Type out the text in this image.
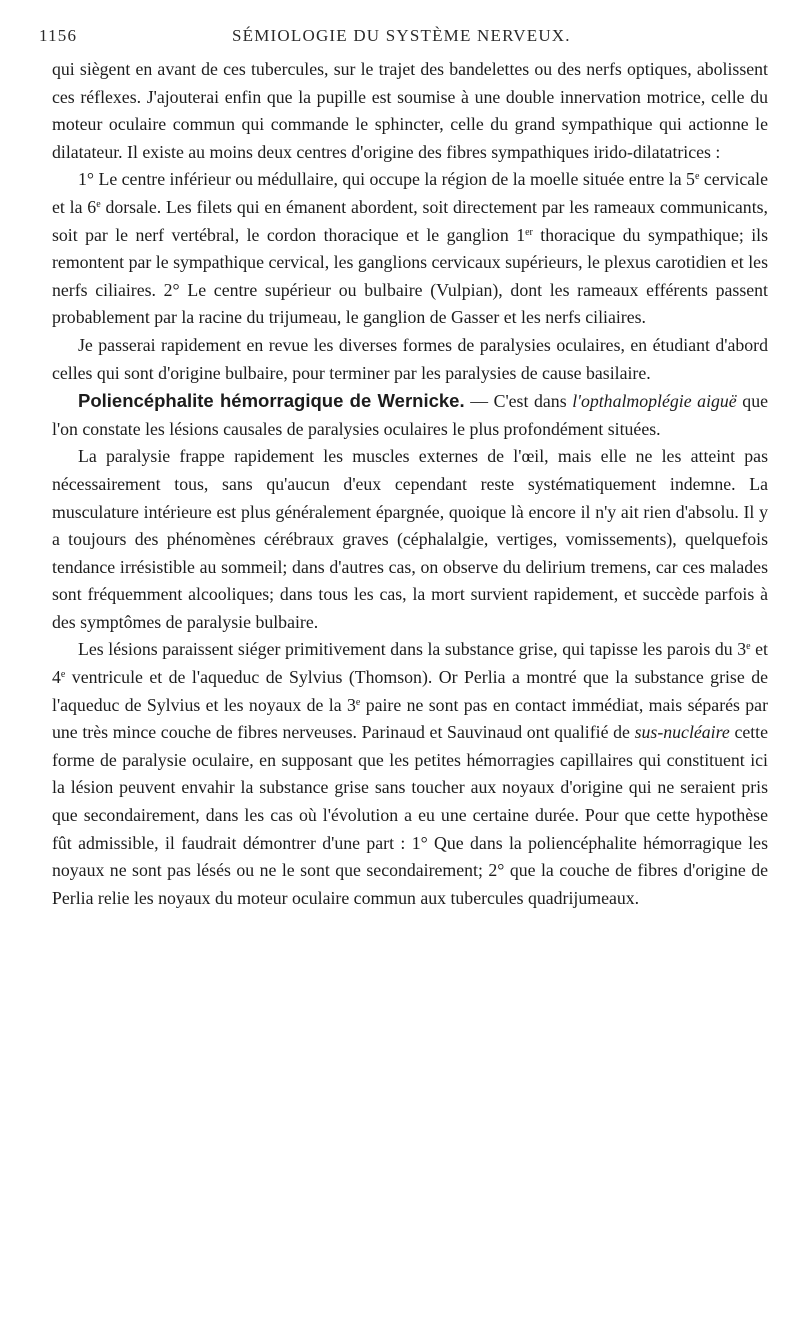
1156	SÉMIOLOGIE DU SYSTÈME NERVEUX.

qui siègent en avant de ces tubercules, sur le trajet des bandelettes ou des nerfs optiques, abolissent ces réflexes. J'ajouterai enfin que la pupille est soumise à une double innervation motrice, celle du moteur oculaire commun qui commande le sphincter, celle du grand sympathique qui actionne le dilatateur. Il existe au moins deux centres d'origine des fibres sympathiques irido-dilatatrices :

1° Le centre inférieur ou médullaire, qui occupe la région de la moelle située entre la 5e cervicale et la 6e dorsale. Les filets qui en émanent abordent, soit directement par les rameaux communicants, soit par le nerf vertébral, le cordon thoracique et le ganglion 1er thoracique du sympathique; ils remontent par le sympathique cervical, les ganglions cervicaux supérieurs, le plexus carotidien et les nerfs ciliaires. 2° Le centre supérieur ou bulbaire (Vulpian), dont les rameaux efférents passent probablement par la racine du trijumeau, le ganglion de Gasser et les nerfs ciliaires.

Je passerai rapidement en revue les diverses formes de paralysies oculaires, en étudiant d'abord celles qui sont d'origine bulbaire, pour terminer par les paralysies de cause basilaire.

Poliencéphalite hémorragique de Wernicke. — C'est dans l'opthalmoplégie aiguë que l'on constate les lésions causales de paralysies oculaires le plus profondément situées.

La paralysie frappe rapidement les muscles externes de l'œil, mais elle ne les atteint pas nécessairement tous, sans qu'aucun d'eux cependant reste systématiquement indemne. La musculature intérieure est plus généralement épargnée, quoique là encore il n'y ait rien d'absolu. Il y a toujours des phénomènes cérébraux graves (céphalalgie, vertiges, vomissements), quelquefois tendance irrésistible au sommeil; dans d'autres cas, on observe du delirium tremens, car ces malades sont fréquemment alcooliques; dans tous les cas, la mort survient rapidement, et succède parfois à des symptômes de paralysie bulbaire.

Les lésions paraissent siéger primitivement dans la substance grise, qui tapisse les parois du 3e et 4e ventricule et de l'aqueduc de Sylvius (Thomson). Or Perlia a montré que la substance grise de l'aqueduc de Sylvius et les noyaux de la 3e paire ne sont pas en contact immédiat, mais séparés par une très mince couche de fibres nerveuses. Parinaud et Sauvinaud ont qualifié de sus-nucléaire cette forme de paralysie oculaire, en supposant que les petites hémorragies capillaires qui constituent ici la lésion peuvent envahir la substance grise sans toucher aux noyaux d'origine qui ne seraient pris que secondairement, dans les cas où l'évolution a eu une certaine durée. Pour que cette hypothèse fût admissible, il faudrait démontrer d'une part : 1° Que dans la poliencéphalite hémorragique les noyaux ne sont pas lésés ou ne le sont que secondairement; 2° que la couche de fibres d'origine de Perlia relie les noyaux du moteur oculaire commun aux tubercules quadrijumeaux.
